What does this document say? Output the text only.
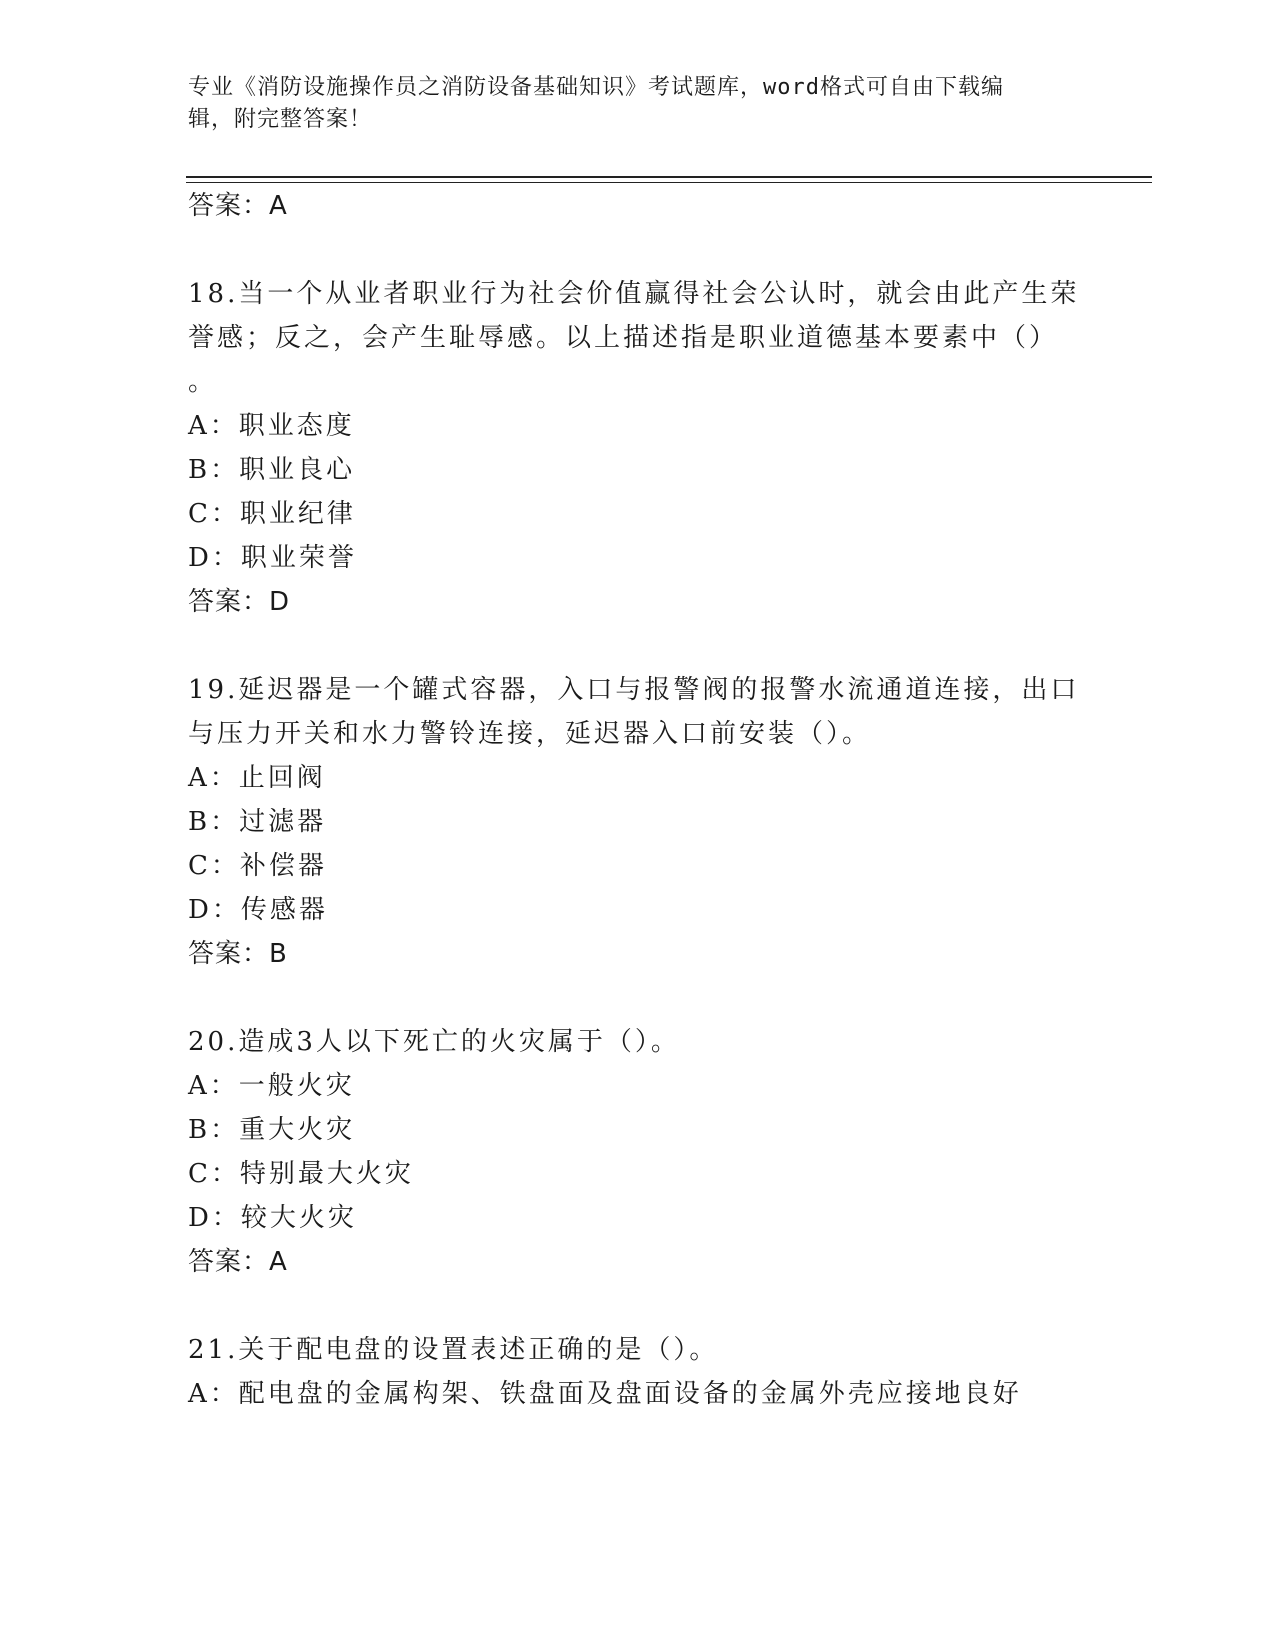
专业《消防设施操作员之消防设备基础知识》考试题库，word格式可自由下载编
辑，附完整答案！
答案：A
18.当一个从业者职业行为社会价值赢得社会公认时，就会由此产生荣
誉感；反之，会产生耻辱感。以上描述指是职业道德基本要素中（）
。
A：职业态度
B：职业良心
C：职业纪律
D：职业荣誉
答案：D
19.延迟器是一个罐式容器，入口与报警阀的报警水流通道连接，出口
与压力开关和水力警铃连接，延迟器入口前安装（）。
A：止回阀
B：过滤器
C：补偿器
D：传感器
答案：B
20.造成3人以下死亡的火灾属于（）。
A：一般火灾
B：重大火灾
C：特别最大火灾
D：较大火灾
答案：A
21.关于配电盘的设置表述正确的是（）。
A：配电盘的金属构架、铁盘面及盘面设备的金属外壳应接地良好
